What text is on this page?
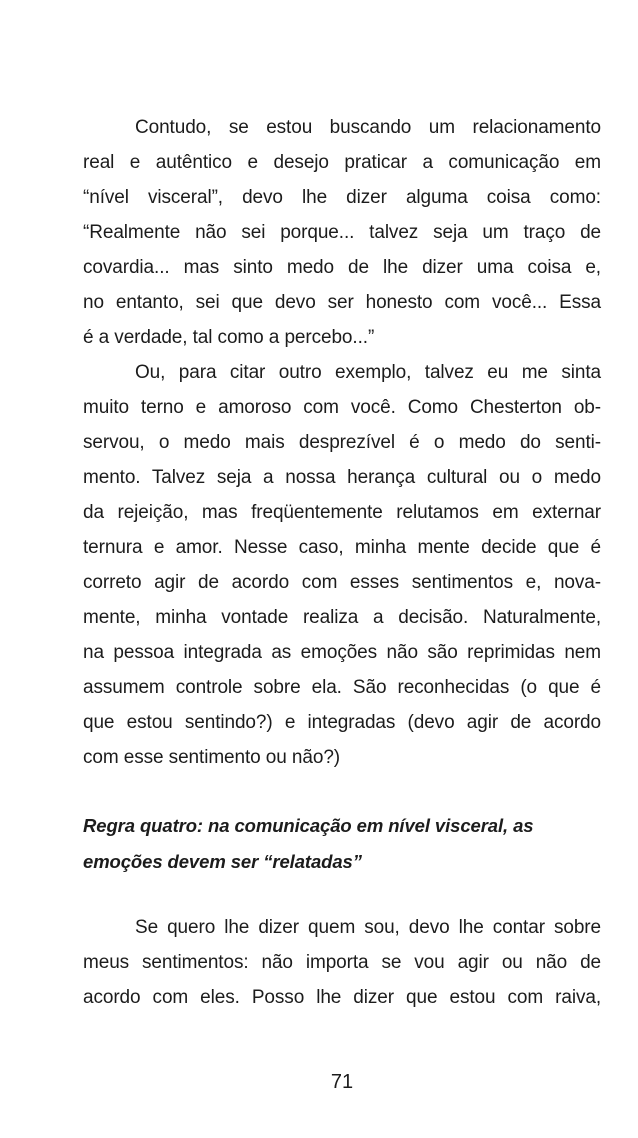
Contudo, se estou buscando um relacionamento
real e autêntico e desejo praticar a comunicação em
“nível visceral”, devo lhe dizer alguma coisa como:
“Realmente não sei porque... talvez seja um traço de
covardia... mas sinto medo de lhe dizer uma coisa e,
no entanto, sei que devo ser honesto com você... Essa
é a verdade, tal como a percebo...”
Ou, para citar outro exemplo, talvez eu me sinta
muito terno e amoroso com você. Como Chesterton ob-
servou, o medo mais desprezível é o medo do senti-
mento. Talvez seja a nossa herança cultural ou o medo
da rejeição, mas freqüentemente relutamos em externar
ternura e amor. Nesse caso, minha mente decide que é
correto agir de acordo com esses sentimentos e, nova-
mente, minha vontade realiza a decisão. Naturalmente,
na pessoa integrada as emoções não são reprimidas nem
assumem controle sobre ela. São reconhecidas (o que é
que estou sentindo?) e integradas (devo agir de acordo
com esse sentimento ou não?)
Regra quatro: na comunicação em nível visceral, as
emoções devem ser “relatadas”
Se quero lhe dizer quem sou, devo lhe contar sobre
meus sentimentos: não importa se vou agir ou não de
acordo com eles. Posso lhe dizer que estou com raiva,
71
